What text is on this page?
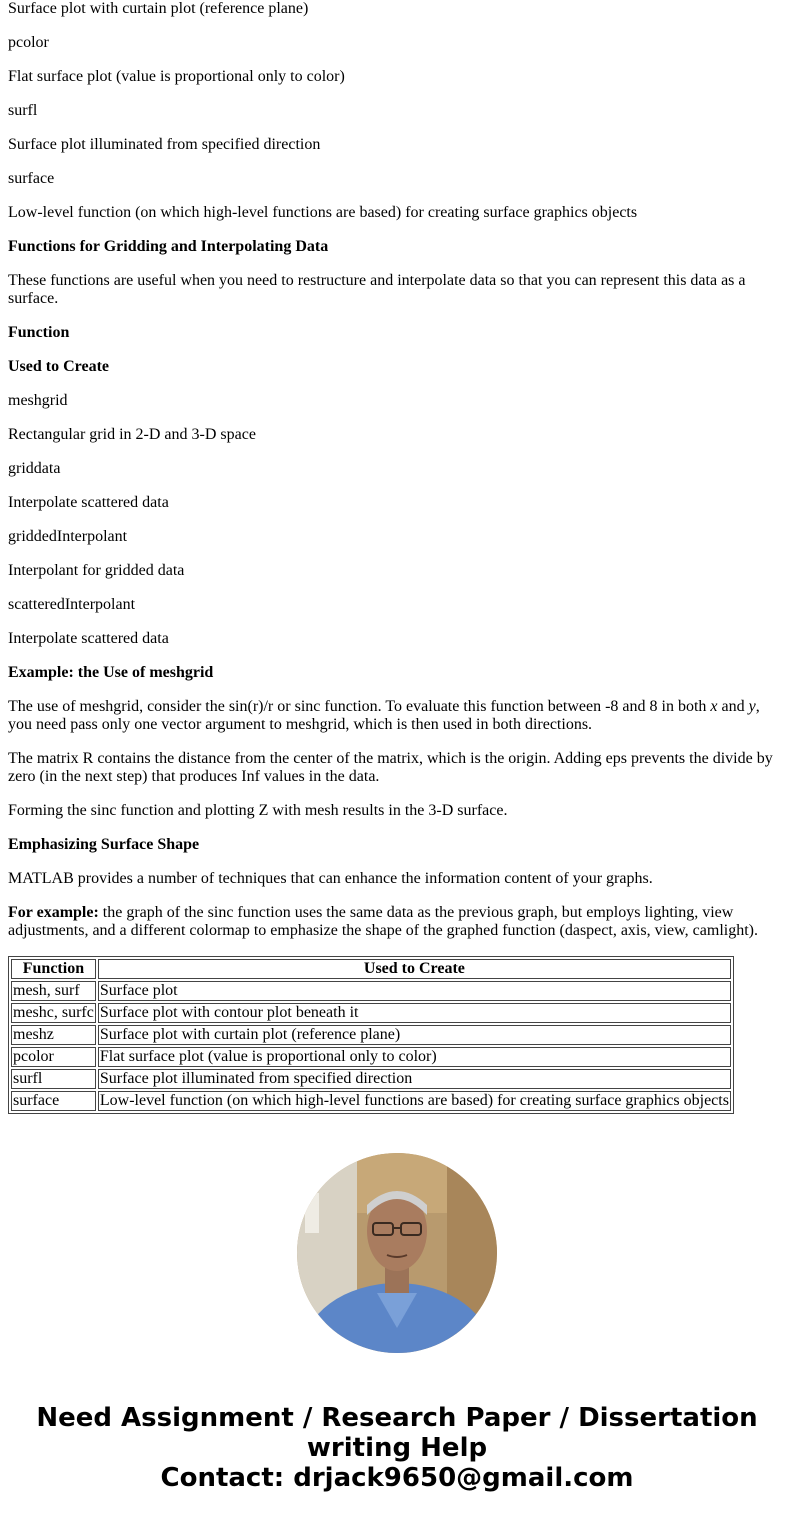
Surface plot with curtain plot (reference plane)

pcolor

Flat surface plot (value is proportional only to color)

surfl

Surface plot illuminated from specified direction

surface

Low-level function (on which high-level functions are based) for creating surface graphics objects

Functions for Gridding and Interpolating Data

These functions are useful when you need to restructure and interpolate data so that you can represent this data as a surface.

Function

Used to Create

meshgrid

Rectangular grid in 2-D and 3-D space

griddata

Interpolate scattered data

griddedInterpolant

Interpolant for gridded data

scatteredInterpolant

Interpolate scattered data

Example: the Use of meshgrid

The use of meshgrid, consider the sin(r)/r or sinc function. To evaluate this function between -8 and 8 in both x and y, you need pass only one vector argument to meshgrid, which is then used in both directions.

The matrix R contains the distance from the center of the matrix, which is the origin. Adding eps prevents the divide by zero (in the next step) that produces Inf values in the data.

Forming the sinc function and plotting Z with mesh results in the 3-D surface.

Emphasizing Surface Shape

MATLAB provides a number of techniques that can enhance the information content of your graphs.

For example: the graph of the sinc function uses the same data as the previous graph, but employs lighting, view adjustments, and a different colormap to emphasize the shape of the graphed function (daspect, axis, view, camlight).

Function	Used to Create
mesh, surf	Surface plot
meshc, surfc	Surface plot with contour plot beneath it
meshz	Surface plot with curtain plot (reference plane)
pcolor	Flat surface plot (value is proportional only to color)
surfl	Surface plot illuminated from specified direction
surface	Low-level function (on which high-level functions are based) for creating surface graphics objects
Need Assignment / Research Paper / Dissertation writing Help
Contact: drjack9650@gmail.com
